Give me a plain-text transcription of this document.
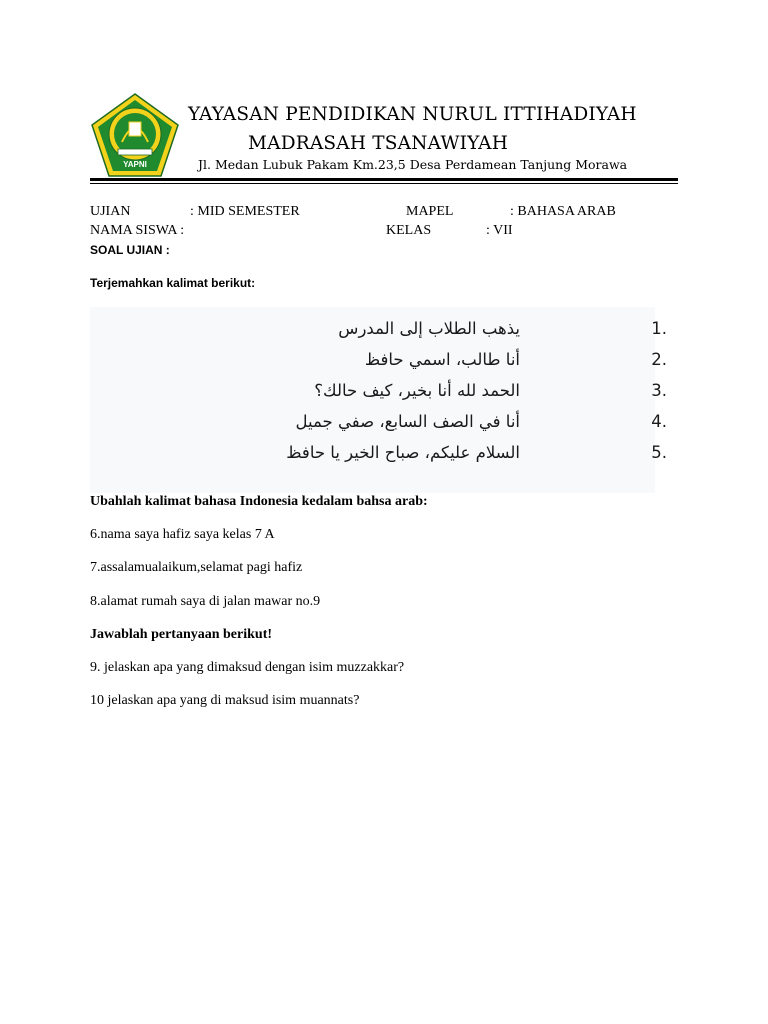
YAPNI
YAYASAN PENDIDIKAN NURUL ITTIHADIYAH
MADRASAH TSANAWIYAH
Jl. Medan Lubuk Pakam Km.23,5 Desa Perdamean Tanjung Morawa
UJIAN	: MID SEMESTER	MAPEL	: BAHASA ARAB
NAMA SISWA :	KELAS	: VII
SOAL UJIAN :
Terjemahkan kalimat berikut:
يذهب الطلاب إلى المدرس	1.
أنا طالب، اسمي حافظ	2.
الحمد لله أنا بخير، كيف حالك؟	3.
أنا في الصف السابع، صفي جميل	4.
السلام عليكم، صباح الخير يا حافظ	5.
Ubahlah kalimat bahasa Indonesia kedalam bahsa arab:
6.nama saya hafiz saya kelas 7 A
7.assalamualaikum,selamat pagi hafiz
8.alamat rumah saya di jalan mawar no.9
Jawablah pertanyaan berikut!
9. jelaskan apa yang dimaksud dengan isim muzzakkar?
10 jelaskan apa yang di maksud isim muannats?
